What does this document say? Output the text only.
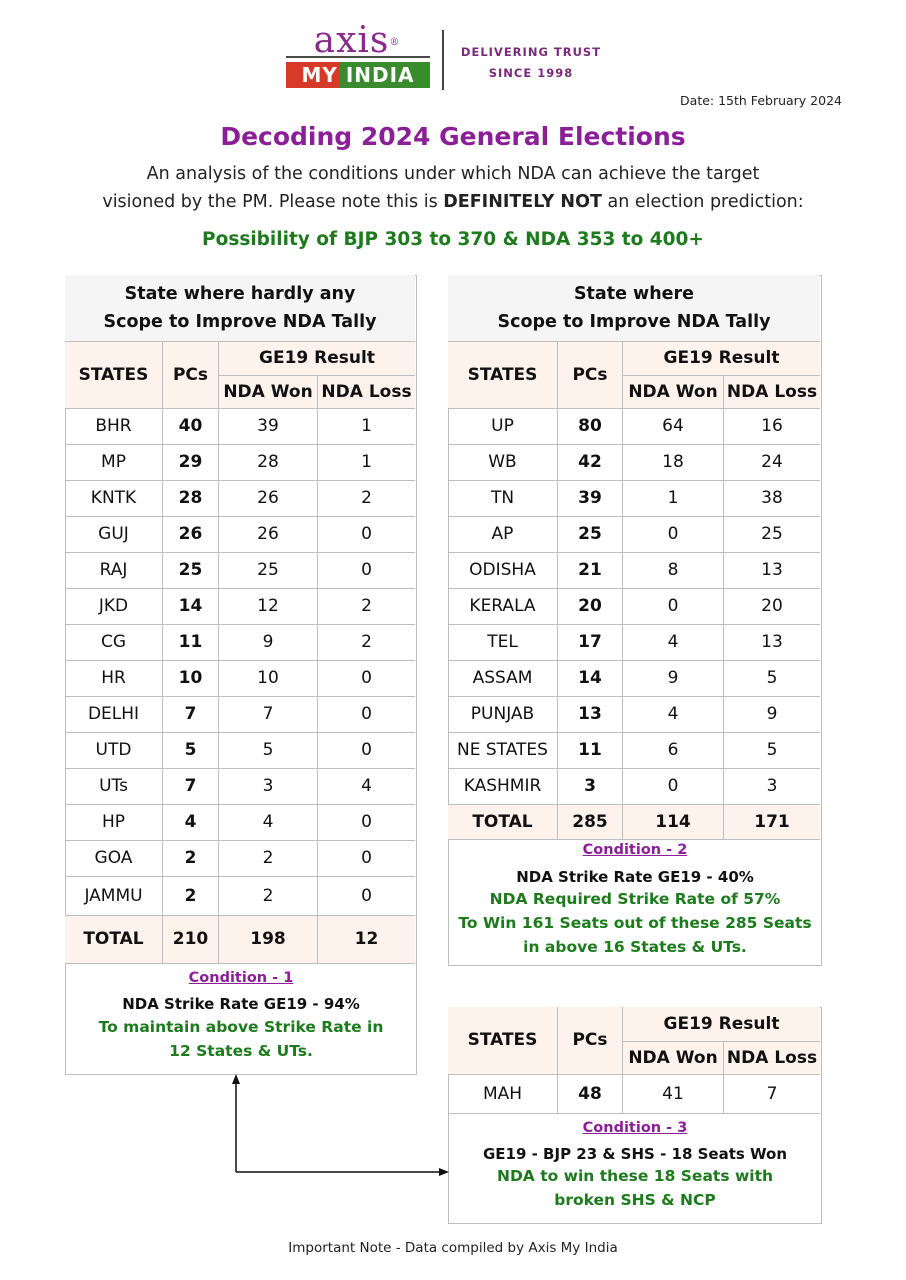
axis®
MY INDIA
DELIVERING TRUST
SINCE 1998
Date: 15th February 2024
Decoding 2024 General Elections
An analysis of the conditions under which NDA can achieve the target
visioned by the PM. Please note this is DEFINITELY NOT an election prediction:
Possibility of BJP 303 to 370 & NDA 353 to 400+
State where hardly any
Scope to Improve NDA Tally			

STATES	PCs	GE19 Result	
		NDA Won	NDA Loss
BHR	40	39	1
MP	29	28	1
KNTK	28	26	2
GUJ	26	26	0
RAJ	25	25	0
JKD	14	12	2
CG	11	9	2
HR	10	10	0
DELHI	7	7	0
UTD	5	5	0
UTs	7	3	4
HP	4	4	0
GOA	2	2	0
JAMMU	2	2	0
TOTAL	210	198	12
Condition - 1
NDA Strike Rate GE19 - 94%
To maintain above Strike Rate in
12 States & UTs.
State where
Scope to Improve NDA Tally			

STATES	PCs	GE19 Result	
		NDA Won	NDA Loss
UP	80	64	16
WB	42	18	24
TN	39	1	38
AP	25	0	25
ODISHA	21	8	13
KERALA	20	0	20
TEL	17	4	13
ASSAM	14	9	5
PUNJAB	13	4	9
NE STATES	11	6	5
KASHMIR	3	0	3
TOTAL	285	114	171
Condition - 2
NDA Strike Rate GE19 - 40%
NDA Required Strike Rate of 57%
To Win 161 Seats out of these 285 Seats
in above 16 States & UTs.
STATES	PCs	GE19 Result	
		NDA Won	NDA Loss
MAH	48	41	7
Condition - 3
GE19 - BJP 23 & SHS - 18 Seats Won
NDA to win these 18 Seats with
broken SHS & NCP
Important Note - Data compiled by Axis My India
